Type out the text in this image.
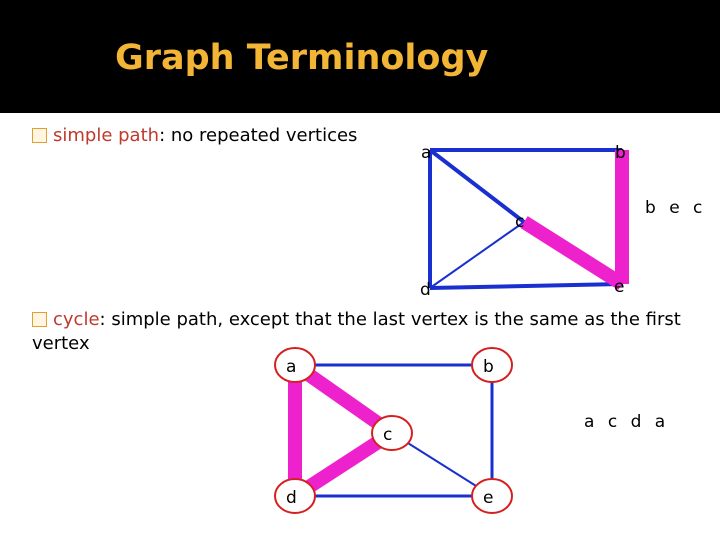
Graph Terminology
simple path: no repeated vertices
cycle: simple path, except that the last vertex is the same as the first vertex
a	b
c
d	e
b e c
a	b
c
d	e
a c d a
